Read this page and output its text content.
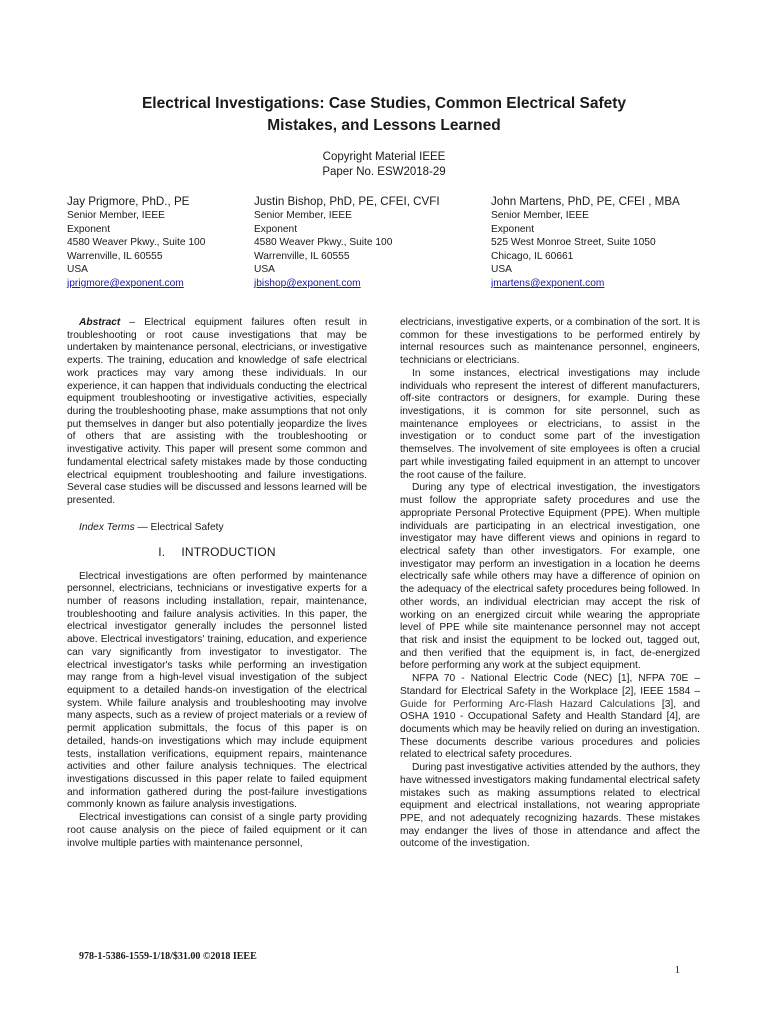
Electrical Investigations: Case Studies, Common Electrical Safety
Mistakes, and Lessons Learned
Copyright Material IEEE
Paper No. ESW2018-29
Jay Prigmore, PhD., PE
Senior Member, IEEE
Exponent
4580 Weaver Pkwy., Suite 100
Warrenville, IL 60555
USA
jprigmore@exponent.com
Justin Bishop, PhD, PE, CFEI, CVFI
Senior Member, IEEE
Exponent
4580 Weaver Pkwy., Suite 100
Warrenville, IL 60555
USA
jbishop@exponent.com
John Martens, PhD, PE, CFEI , MBA
Senior Member, IEEE
Exponent
525 West Monroe Street, Suite 1050
Chicago, IL 60661
USA
jmartens@exponent.com

Abstract – Electrical equipment failures often result in troubleshooting or root cause investigations that may be undertaken by maintenance personal, electricians, or investigative experts. The training, education and knowledge of safe electrical work practices may vary among these individuals. In our experience, it can happen that individuals conducting the electrical equipment troubleshooting or investigative activities, especially during the troubleshooting phase, make assumptions that not only put themselves in danger but also potentially jeopardize the lives of others that are assisting with the troubleshooting or investigative activity. This paper will present some common and fundamental electrical safety mistakes made by those conducting electrical equipment troubleshooting and failure investigations. Several case studies will be discussed and lessons learned will be presented.

Index Terms — Electrical Safety

I. INTRODUCTION

Electrical investigations are often performed by maintenance personnel, electricians, technicians or investigative experts for a number of reasons including installation, repair, maintenance, troubleshooting and failure analysis activities. In this paper, the electrical investigator generally includes the personnel listed above. Electrical investigators' training, education, and experience can vary significantly from investigator to investigator. The electrical investigator's tasks while performing an investigation may range from a high-level visual investigation of the subject equipment to a detailed hands-on investigation of the electrical system. While failure analysis and troubleshooting may involve many aspects, such as a review of project materials or a review of permit application submittals, the focus of this paper is on detailed, hands-on investigations which may include equipment tests, installation verifications, equipment repairs, maintenance activities and other failure analysis techniques. The electrical investigations discussed in this paper relate to failed equipment and information gathered during the post-failure investigations commonly known as failure analysis investigations.

Electrical investigations can consist of a single party providing root cause analysis on the piece of failed equipment or it can involve multiple parties with maintenance personnel,

electricians, investigative experts, or a combination of the sort. It is common for these investigations to be performed entirely by internal resources such as maintenance personnel, engineers, technicians or electricians.

In some instances, electrical investigations may include individuals who represent the interest of different manufacturers, off-site contractors or designers, for example. During these investigations, it is common for site personnel, such as maintenance employees or electricians, to assist in the investigation or to conduct some part of the investigation themselves. The involvement of site employees is often a crucial part while investigating failed equipment in an attempt to uncover the root cause of the failure.

During any type of electrical investigation, the investigators must follow the appropriate safety procedures and use the appropriate Personal Protective Equipment (PPE). When multiple individuals are participating in an electrical investigation, one investigator may have different views and opinions in regard to electrical safety than other investigators. For example, one investigator may perform an investigation in a location he deems electrically safe while others may have a difference of opinion on the adequacy of the electrical safety procedures being followed. In other words, an individual electrician may accept the risk of working on an energized circuit while wearing the appropriate level of PPE while site maintenance personnel may not accept that risk and insist the equipment to be locked out, tagged out, and then verified that the equipment is, in fact, de-energized before performing any work at the subject equipment.

NFPA 70 - National Electric Code (NEC) [1], NFPA 70E – Standard for Electrical Safety in the Workplace [2], IEEE 1584 – Guide for Performing Arc-Flash Hazard Calculations [3], and OSHA 1910 - Occupational Safety and Health Standard [4], are documents which may be heavily relied on during an investigation. These documents describe various procedures and policies related to electrical safety procedures.

During past investigative activities attended by the authors, they have witnessed investigators making fundamental electrical safety mistakes such as making assumptions related to electrical equipment and electrical installations, not wearing appropriate PPE, and not adequately recognizing hazards. These mistakes may endanger the lives of those in attendance and affect the outcome of the investigation.

978-1-5386-1559-1/18/$31.00 ©2018 IEEE
1
